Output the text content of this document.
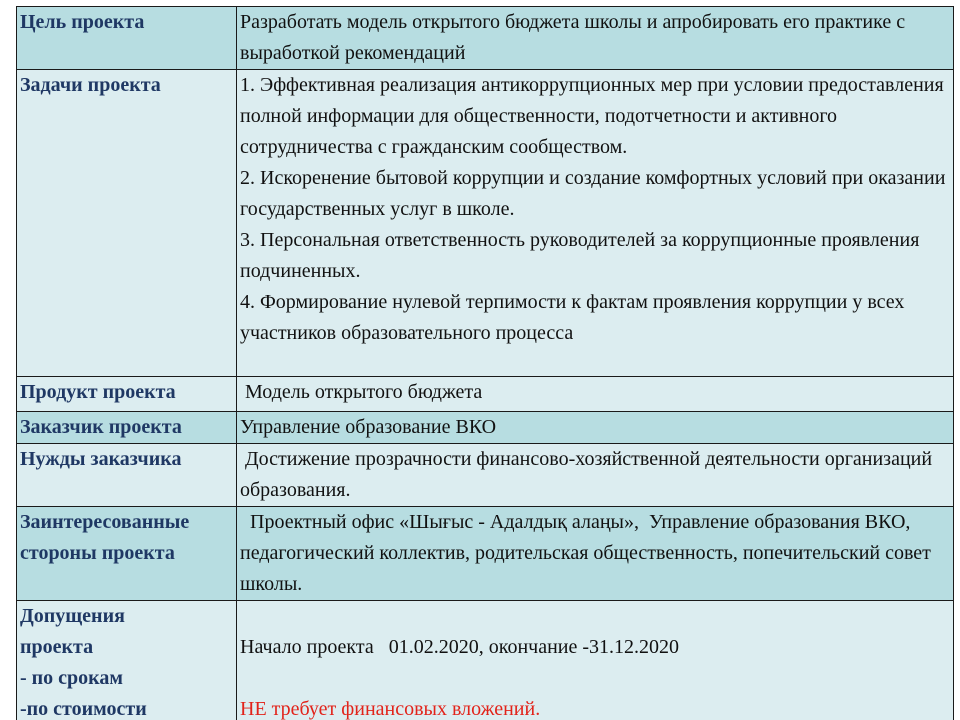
Цель проекта	Разработать модель открытого бюджета школы и апробировать его практике с выработкой рекомендаций
Задачи проекта	1. Эффективная реализация антикоррупционных мер при условии предоставления полной информации для общественности, подотчетности и активного сотрудничества с гражданским сообществом.
2. Искоренение бытовой коррупции и создание комфортных условий при оказании государственных услуг в школе.
3. Персональная ответственность руководителей за коррупционные проявления подчиненных.
4. Формирование нулевой терпимости к фактам проявления коррупции у всех участников образовательного процесса

Продукт проекта	Модель открытого бюджета
Заказчик проекта	Управление образование ВКО
Нужды заказчика	Достижение прозрачности финансово-хозяйственной деятельности организаций образования.
Заинтересованные стороны проекта	Проектный офис «Шығыс - Адалдық алаңы»,  Управление образования ВКО, педагогический коллектив, родительская общественность, попечительский совет школы.

Допущения
проекта
- по срокам
-по стоимости	Начало проекта   01.02.2020, окончание -31.12.2020
НЕ требует финансовых вложений.
